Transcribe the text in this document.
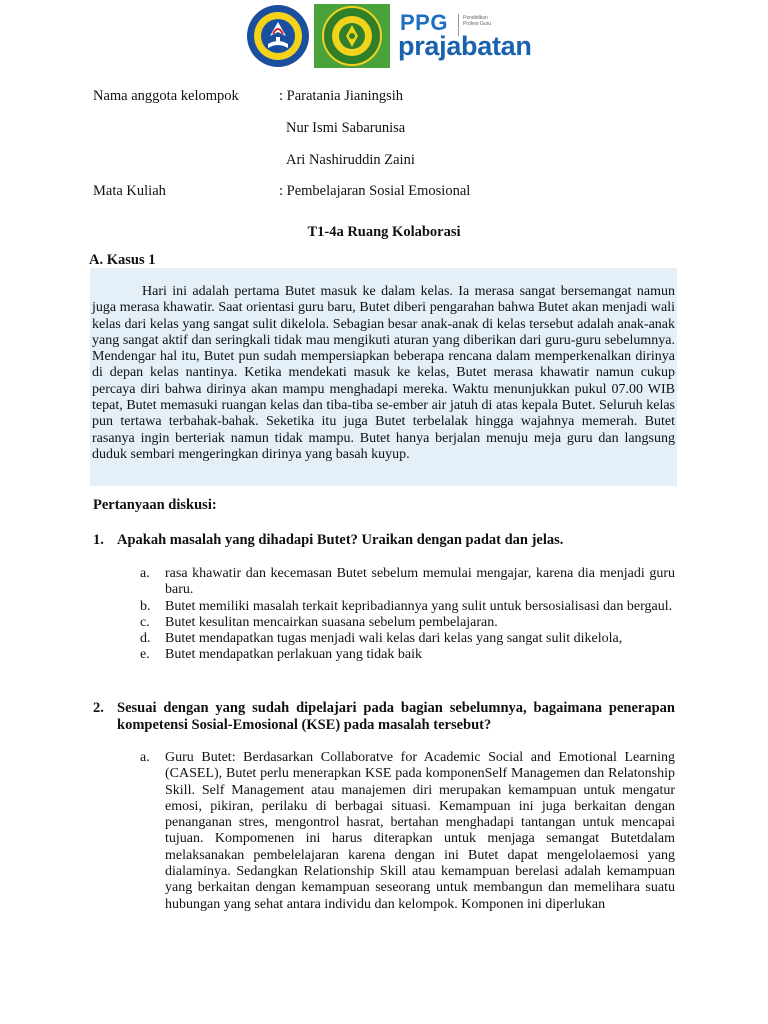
PPG	Pendidikan Profesi Guru
prajabatan
Nama anggota kelompok	: Paratania Jianingsih
Nur Ismi Sabarunisa
Ari Nashiruddin Zaini
Mata Kuliah	: Pembelajaran Sosial Emosional
T1-4a Ruang Kolaborasi
A. Kasus 1

Hari ini adalah pertama Butet masuk ke dalam kelas. Ia merasa sangat bersemangat namun juga merasa khawatir. Saat orientasi guru baru, Butet diberi pengarahan bahwa Butet akan menjadi wali kelas dari kelas yang sangat sulit dikelola. Sebagian besar anak-anak di kelas tersebut adalah anak-anak yang sangat aktif dan seringkali tidak mau mengikuti aturan yang diberikan dari guru-guru sebelumnya. Mendengar hal itu, Butet pun sudah mempersiapkan beberapa rencana dalam memperkenalkan dirinya di depan kelas nantinya. Ketika mendekati masuk ke kelas, Butet merasa khawatir namun cukup percaya diri bahwa dirinya akan mampu menghadapi mereka. Waktu menunjukkan pukul 07.00 WIB tepat, Butet memasuki ruangan kelas dan tiba-tiba se-ember air jatuh di atas kepala Butet. Seluruh kelas pun tertawa terbahak-bahak. Seketika itu juga Butet terbelalak hingga wajahnya memerah. Butet rasanya ingin berteriak namun tidak mampu. Butet hanya berjalan menuju meja guru dan langsung duduk sembari mengeringkan dirinya yang basah kuyup.

Pertanyaan diskusi:
1. Apakah masalah yang dihadapi Butet? Uraikan dengan padat dan jelas.
a. rasa khawatir dan kecemasan Butet sebelum memulai mengajar, karena dia menjadi guru baru.
b. Butet memiliki masalah terkait kepribadiannya yang sulit untuk bersosialisasi dan bergaul.
c. Butet kesulitan mencairkan suasana sebelum pembelajaran.
d. Butet mendapatkan tugas menjadi wali kelas dari kelas yang sangat sulit dikelola,
e. Butet mendapatkan perlakuan yang tidak baik
2. Sesuai dengan yang sudah dipelajari pada bagian sebelumnya, bagaimana penerapan kompetensi Sosial-Emosional (KSE) pada masalah tersebut?
a. Guru Butet: Berdasarkan Collaboratve for Academic Social and Emotional Learning (CASEL), Butet perlu menerapkan KSE pada komponenSelf Managemen dan Relatonship Skill. Self Management atau manajemen diri merupakan kemampuan untuk mengatur emosi, pikiran, perilaku di berbagai situasi. Kemampuan ini juga berkaitan dengan penanganan stres, mengontrol hasrat, bertahan menghadapi tantangan untuk mencapai tujuan. Kompomenen ini harus diterapkan untuk menjaga semangat Butetdalam melaksanakan pembelelajaran karena dengan ini Butet dapat mengelolaemosi yang dialaminya. Sedangkan Relationship Skill atau kemampuan berelasi adalah kemampuan yang berkaitan dengan kemampuan seseorang untuk membangun dan memelihara suatu hubungan yang sehat antara individu dan kelompok. Komponen ini diperlukan
